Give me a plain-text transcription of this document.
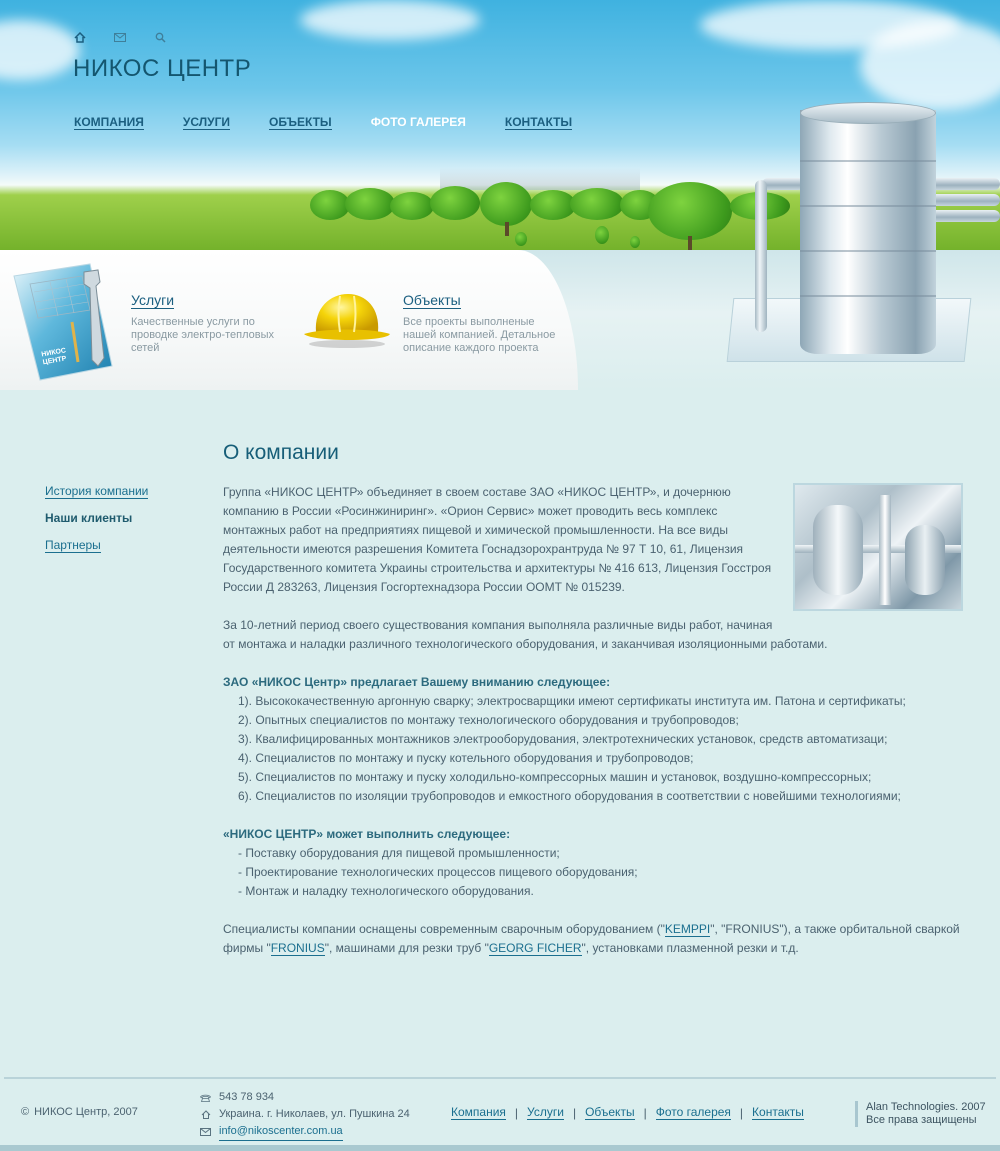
НИКОС ЦЕНТР
КОМПАНИЯ	УСЛУГИ	ОБЪЕКТЫ	ФОТО ГАЛЕРЕЯ	КОНТАКТЫ
НИКОС ЦЕНТР
Услуги
Качественные услуги по проводке электро-тепловых сетей
Объекты
Все проекты выполненые нашей компанией. Детальное описание каждого проекта
История компании
Наши клиенты
Партнеры
О компании

Группа «НИКОС ЦЕНТР» объединяет в своем составе ЗАО «НИКОС ЦЕНТР», и дочернюю компанию в России «Росинжиниринг». «Орион Сервис» может проводить весь комплекс монтажных работ на предприятиях пищевой и химической промышленности. На все виды деятельности имеются разрешения Комитета Госнадзорохрантруда № 97 Т 10, 61, Лицензия Государственного комитета Украины строительства и архитектуры № 416 613, Лицензия Госстроя России Д 283263, Лицензия Госгортехнадзора России ООМТ № 015239.

За 10-летний период своего существования компания выполняла различные виды работ, начиная от монтажа и наладки различного технологического оборудования, и заканчивая изоляционными работами.

ЗАО «НИКОС Центр» предлагает Вашему вниманию следующее:
1). Высококачественную аргонную сварку; электросварщики имеют сертификаты института им. Патона и сертификаты;
2). Опытных специалистов по монтажу технологического оборудования и трубопроводов;
3). Квалифицированных монтажников электрооборудования, электротехнических установок, средств автоматизаци;
4). Специалистов по монтажу и пуску котельного оборудования и трубопроводов;
5). Специалистов по монтажу и пуску холодильно-компрессорных машин и установок, воздушно-компрессорных;
6). Специалистов по изоляции трубопроводов и емкостного оборудования в соответствии с новейшими технологиями;
«НИКОС ЦЕНТР» может выполнить следующее:
- Поставку оборудования для пищевой промышленности;
- Проектирование технологических процессов пищевого оборудования;
- Монтаж и наладку технологического оборудования.

Специалисты компании оснащены современным сварочным оборудованием ("KEMPPI", "FRONIUS"), а также орбитальной сваркой фирмы "FRONIUS", машинами для резки труб "GEORG FICHER", установками плазменной резки и т.д.

© НИКОС Центр, 2007
543 78 934
Украина. г. Николаев, ул. Пушкина 24
info@nikoscenter.com.ua
Компания | Услуги | Объекты | Фото галерея | Контакты	Alan Technologies. 2007
Все права защищены
